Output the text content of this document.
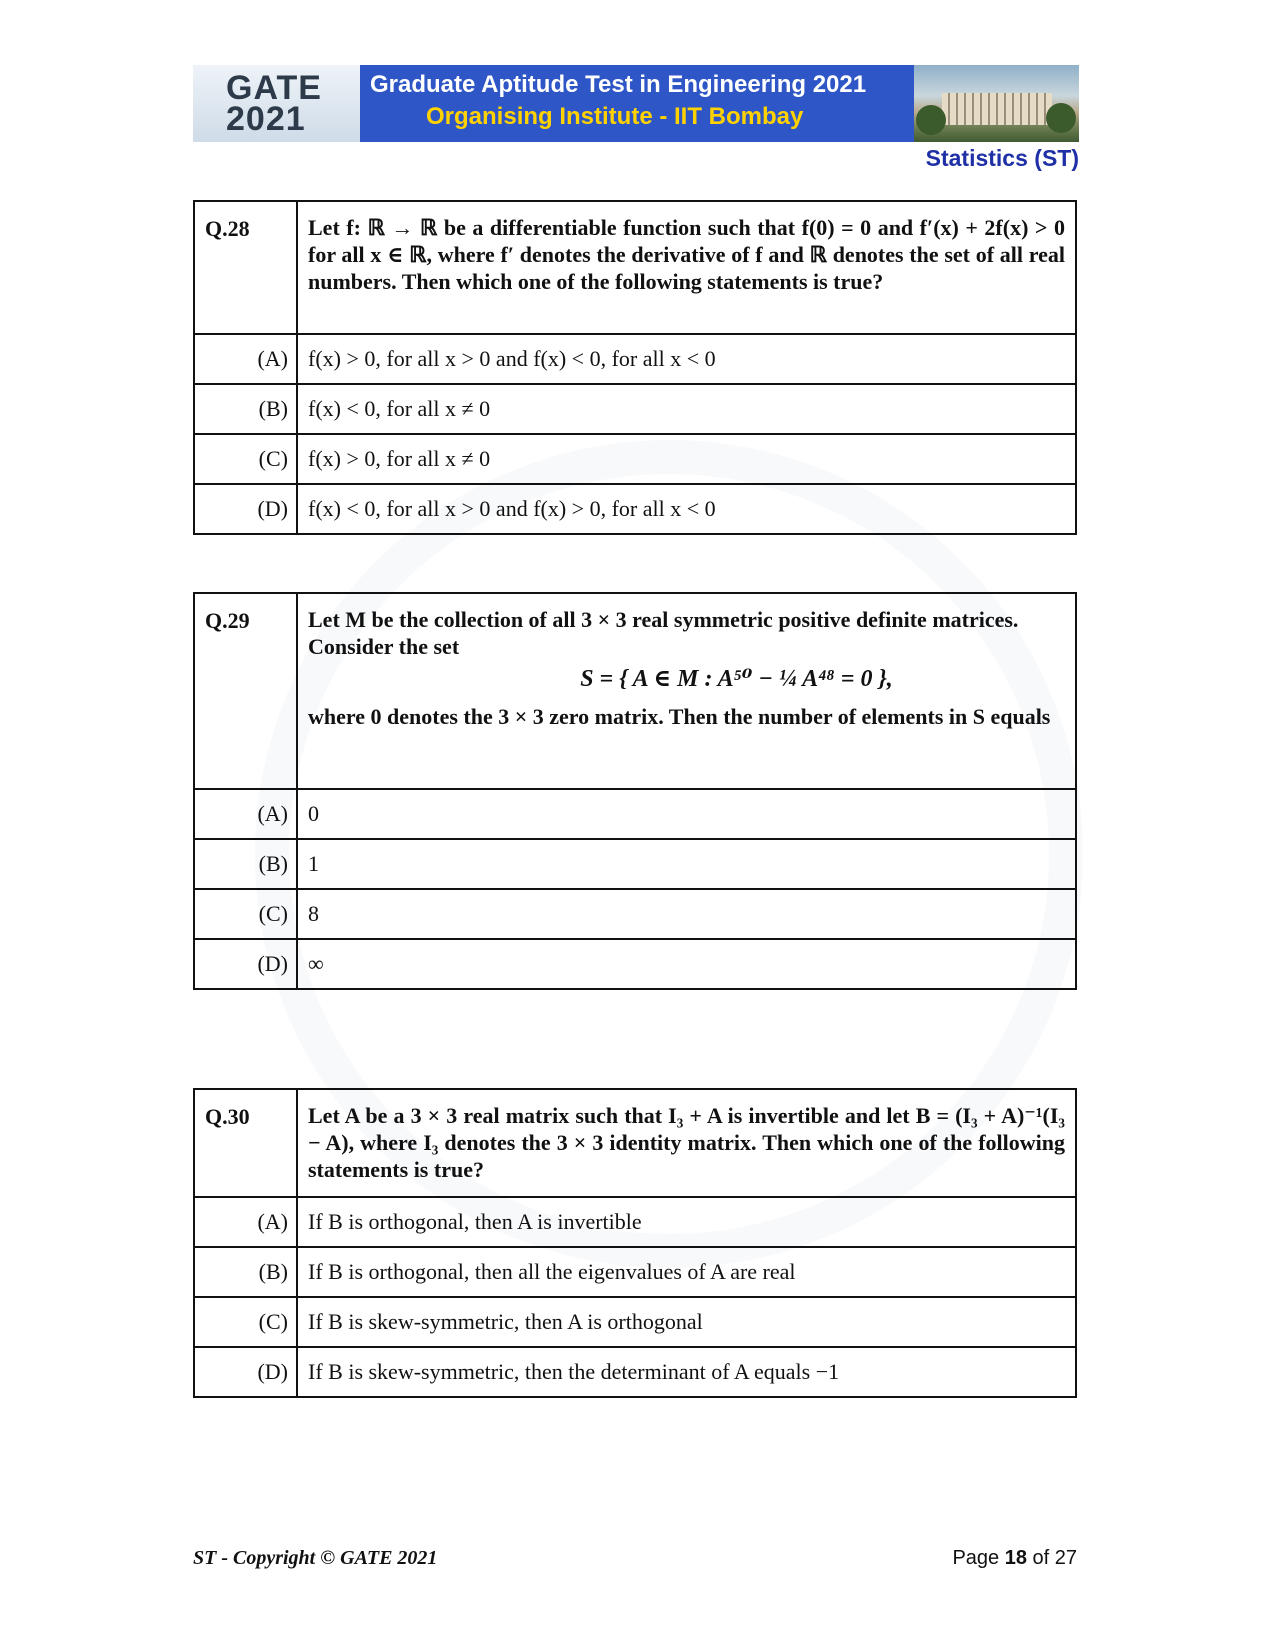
GATE
2021
Graduate Aptitude Test in Engineering 2021
Organising Institute - IIT Bombay
Statistics (ST)
Q.28	Let f: ℝ → ℝ be a differentiable function such that f(0) = 0 and f′(x) + 2f(x) > 0 for all x ∈ ℝ, where f′ denotes the derivative of f and ℝ denotes the set of all real numbers. Then which one of the following statements is true?
(A)	f(x) > 0, for all x > 0 and f(x) < 0, for all x < 0
(B)	f(x) < 0, for all x ≠ 0
(C)	f(x) > 0, for all x ≠ 0
(D)	f(x) < 0, for all x > 0 and f(x) > 0, for all x < 0
Q.29	Let M be the collection of all 3 × 3 real symmetric positive definite matrices. Consider the set
S = { A ∈ M : A⁵⁰ − ¼ A⁴⁸ = 0 },
where 0 denotes the 3 × 3 zero matrix. Then the number of elements in S equals

(A)	0
(B)	1
(C)	8
(D)	∞
Q.30	Let A be a 3 × 3 real matrix such that I₃ + A is invertible and let B = (I₃ + A)⁻¹(I₃ − A), where I₃ denotes the 3 × 3 identity matrix. Then which one of the following statements is true?
(A)	If B is orthogonal, then A is invertible
(B)	If B is orthogonal, then all the eigenvalues of A are real
(C)	If B is skew-symmetric, then A is orthogonal
(D)	If B is skew-symmetric, then the determinant of A equals −1
ST - Copyright © GATE 2021	Page 18 of 27
